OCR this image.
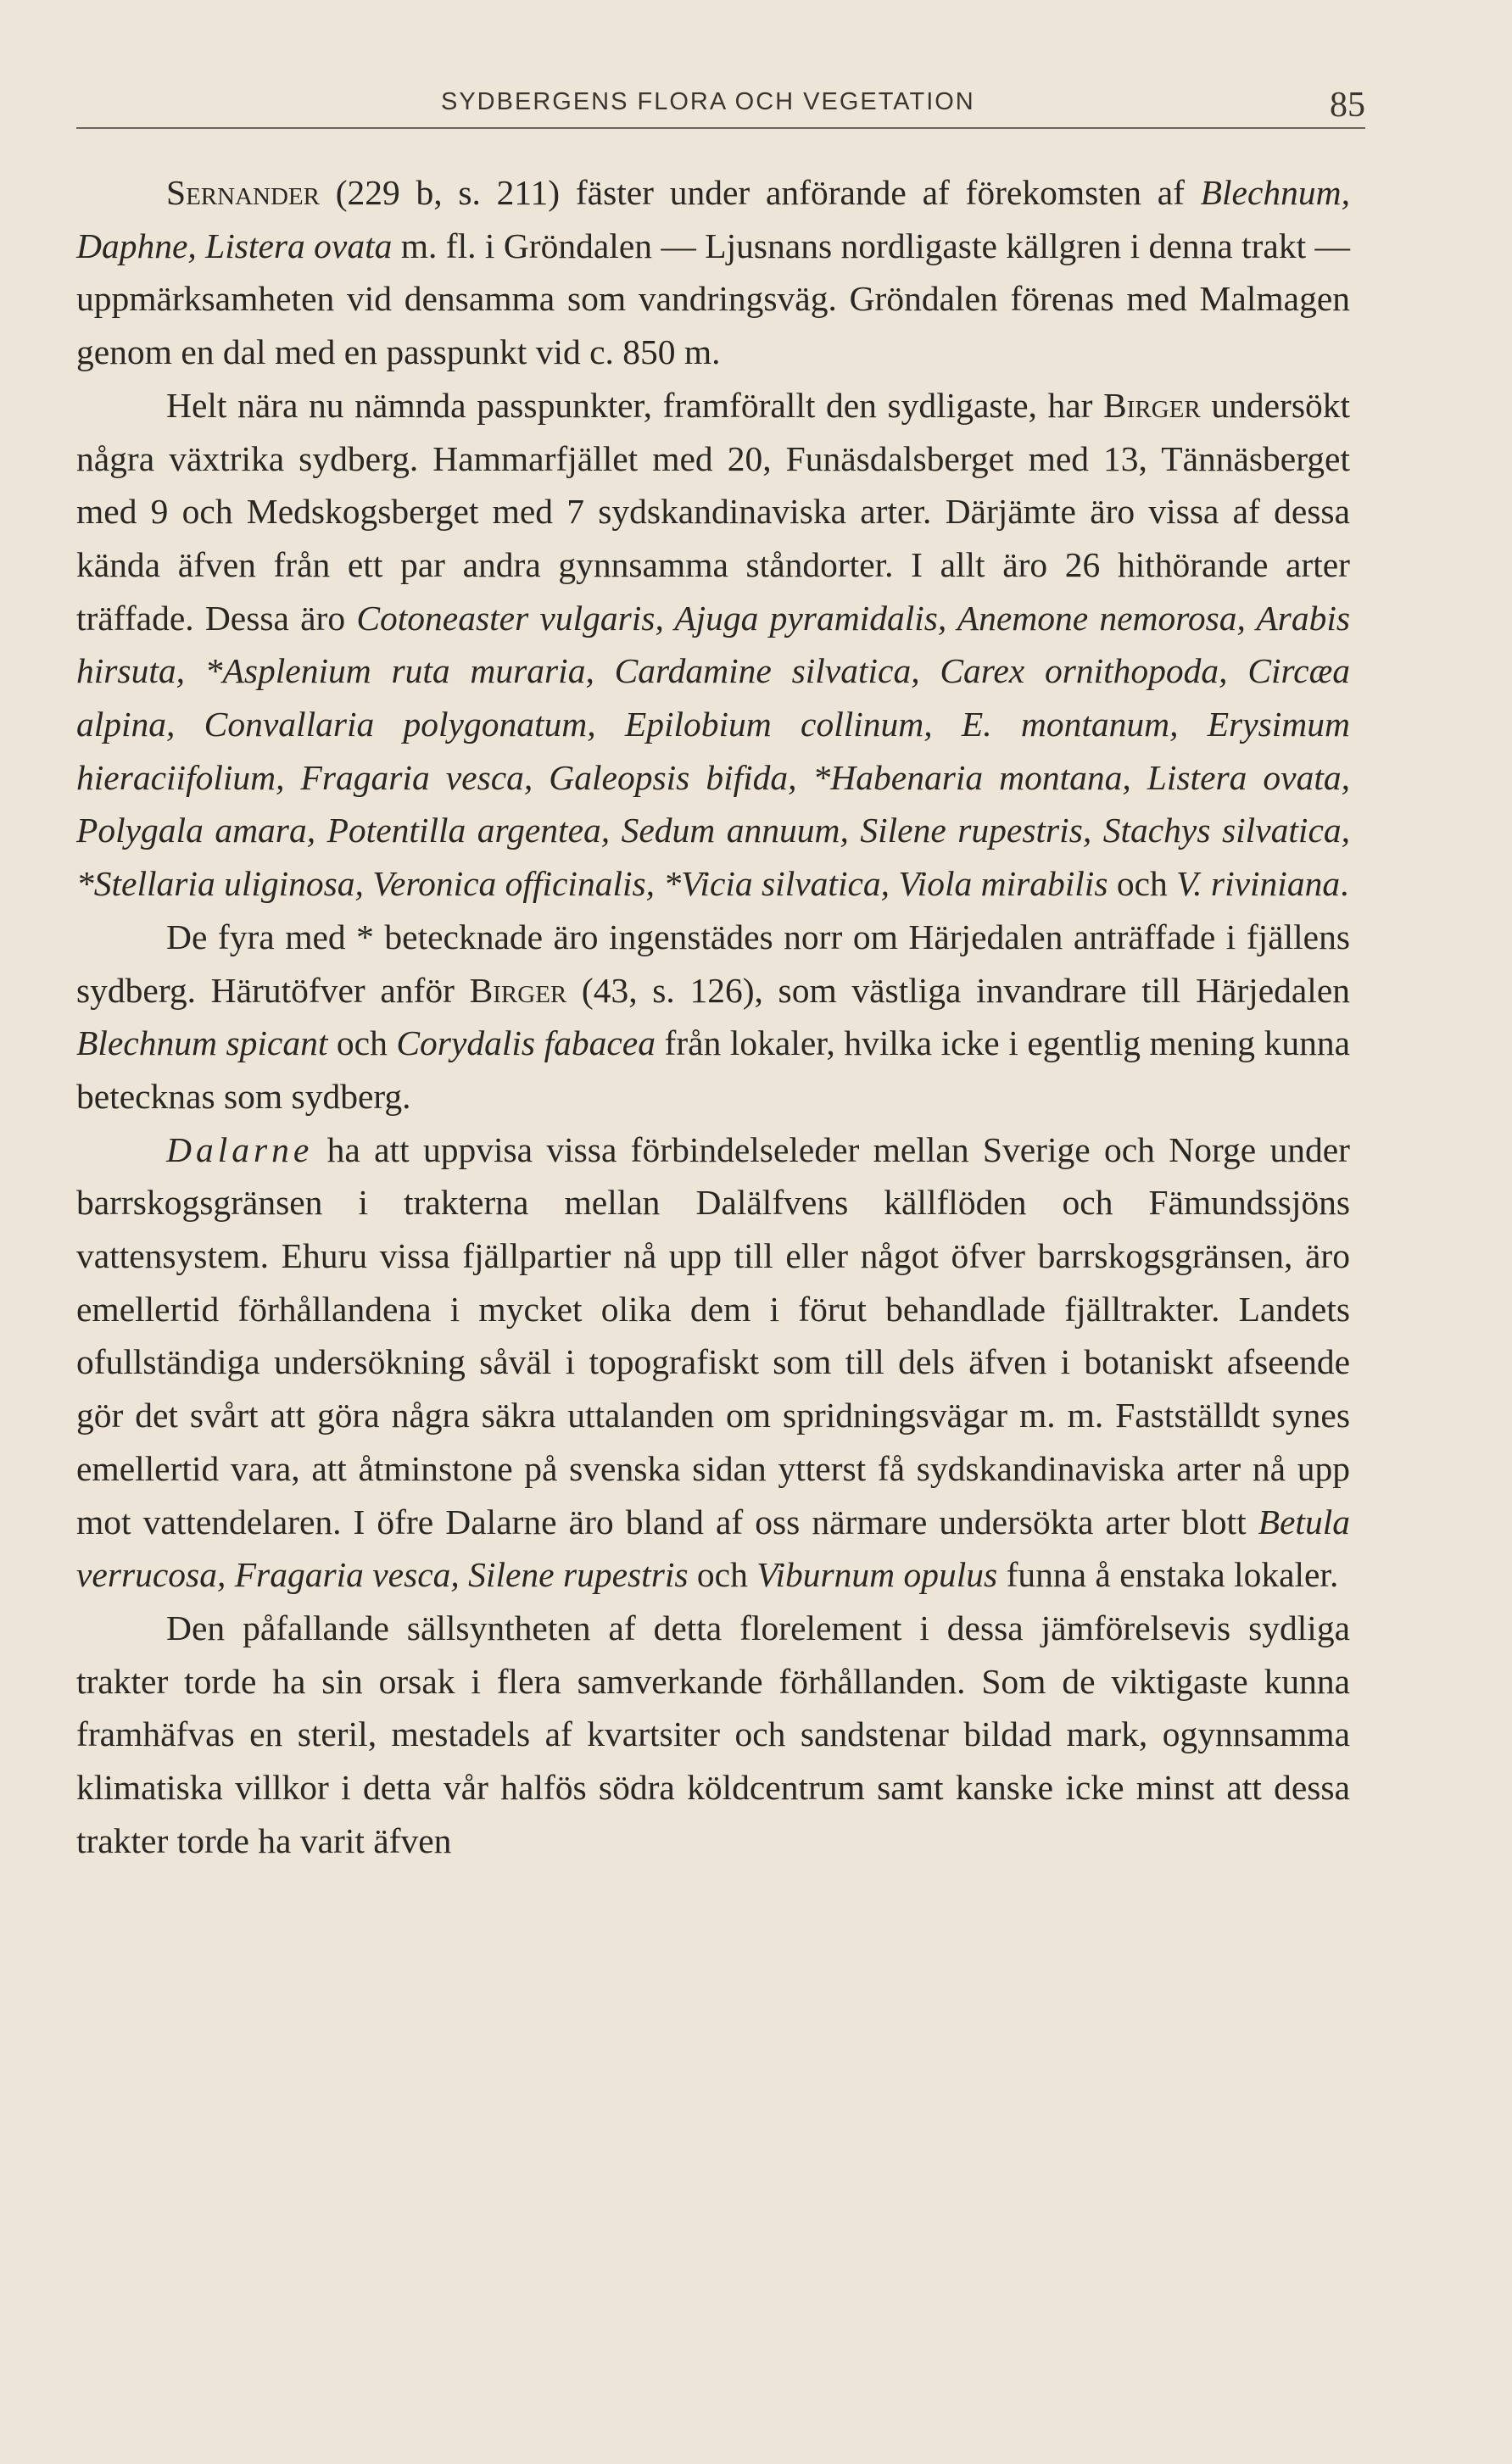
SYDBERGENS FLORA OCH VEGETATION	85

Sernander (229 b, s. 211) fäster under anförande af förekomsten af Blechnum, Daphne, Listera ovata m. fl. i Gröndalen — Ljusnans nordligaste källgren i denna trakt — uppmärksamheten vid densamma som vandringsväg. Gröndalen förenas med Malmagen genom en dal med en passpunkt vid c. 850 m.

Helt nära nu nämnda passpunkter, framförallt den sydligaste, har Birger undersökt några växtrika sydberg. Hammarfjället med 20, Funäsdalsberget med 13, Tännäsberget med 9 och Medskogsberget med 7 sydskandinaviska arter. Därjämte äro vissa af dessa kända äfven från ett par andra gynnsamma ståndorter. I allt äro 26 hithörande arter träffade. Dessa äro Cotoneaster vulgaris, Ajuga pyramidalis, Anemone nemorosa, Arabis hirsuta, *Asplenium ruta muraria, Cardamine silvatica, Carex ornithopoda, Circæa alpina, Convallaria polygonatum, Epilobium collinum, E. montanum, Erysimum hieraciifolium, Fragaria vesca, Galeopsis bifida, *Habenaria montana, Listera ovata, Polygala amara, Potentilla argentea, Sedum annuum, Silene rupestris, Stachys silvatica, *Stellaria uliginosa, Veronica officinalis, *Vicia silvatica, Viola mirabilis och V. riviniana.

De fyra med * betecknade äro ingenstädes norr om Härjedalen anträffade i fjällens sydberg. Härutöfver anför Birger (43, s. 126), som västliga invandrare till Härjedalen Blechnum spicant och Corydalis fabacea från lokaler, hvilka icke i egentlig mening kunna betecknas som sydberg.

Dalarne ha att uppvisa vissa förbindelseleder mellan Sverige och Norge under barrskogsgränsen i trakterna mellan Dalälfvens källflöden och Fämundssjöns vattensystem. Ehuru vissa fjällpartier nå upp till eller något öfver barrskogsgränsen, äro emellertid förhållandena i mycket olika dem i förut behandlade fjälltrakter. Landets ofullständiga undersökning såväl i topografiskt som till dels äfven i botaniskt afseende gör det svårt att göra några säkra uttalanden om spridningsvägar m. m. Fastställdt synes emellertid vara, att åtminstone på svenska sidan ytterst få sydskandinaviska arter nå upp mot vattendelaren. I öfre Dalarne äro bland af oss närmare undersökta arter blott Betula verrucosa, Fragaria vesca, Silene rupestris och Viburnum opulus funna å enstaka lokaler.

Den påfallande sällsyntheten af detta florelement i dessa jämförelsevis sydliga trakter torde ha sin orsak i flera samverkande förhållanden. Som de viktigaste kunna framhäfvas en steril, mestadels af kvartsiter och sandstenar bildad mark, ogynnsamma klimatiska villkor i detta vår halfös södra köldcentrum samt kanske icke minst att dessa trakter torde ha varit äfven
